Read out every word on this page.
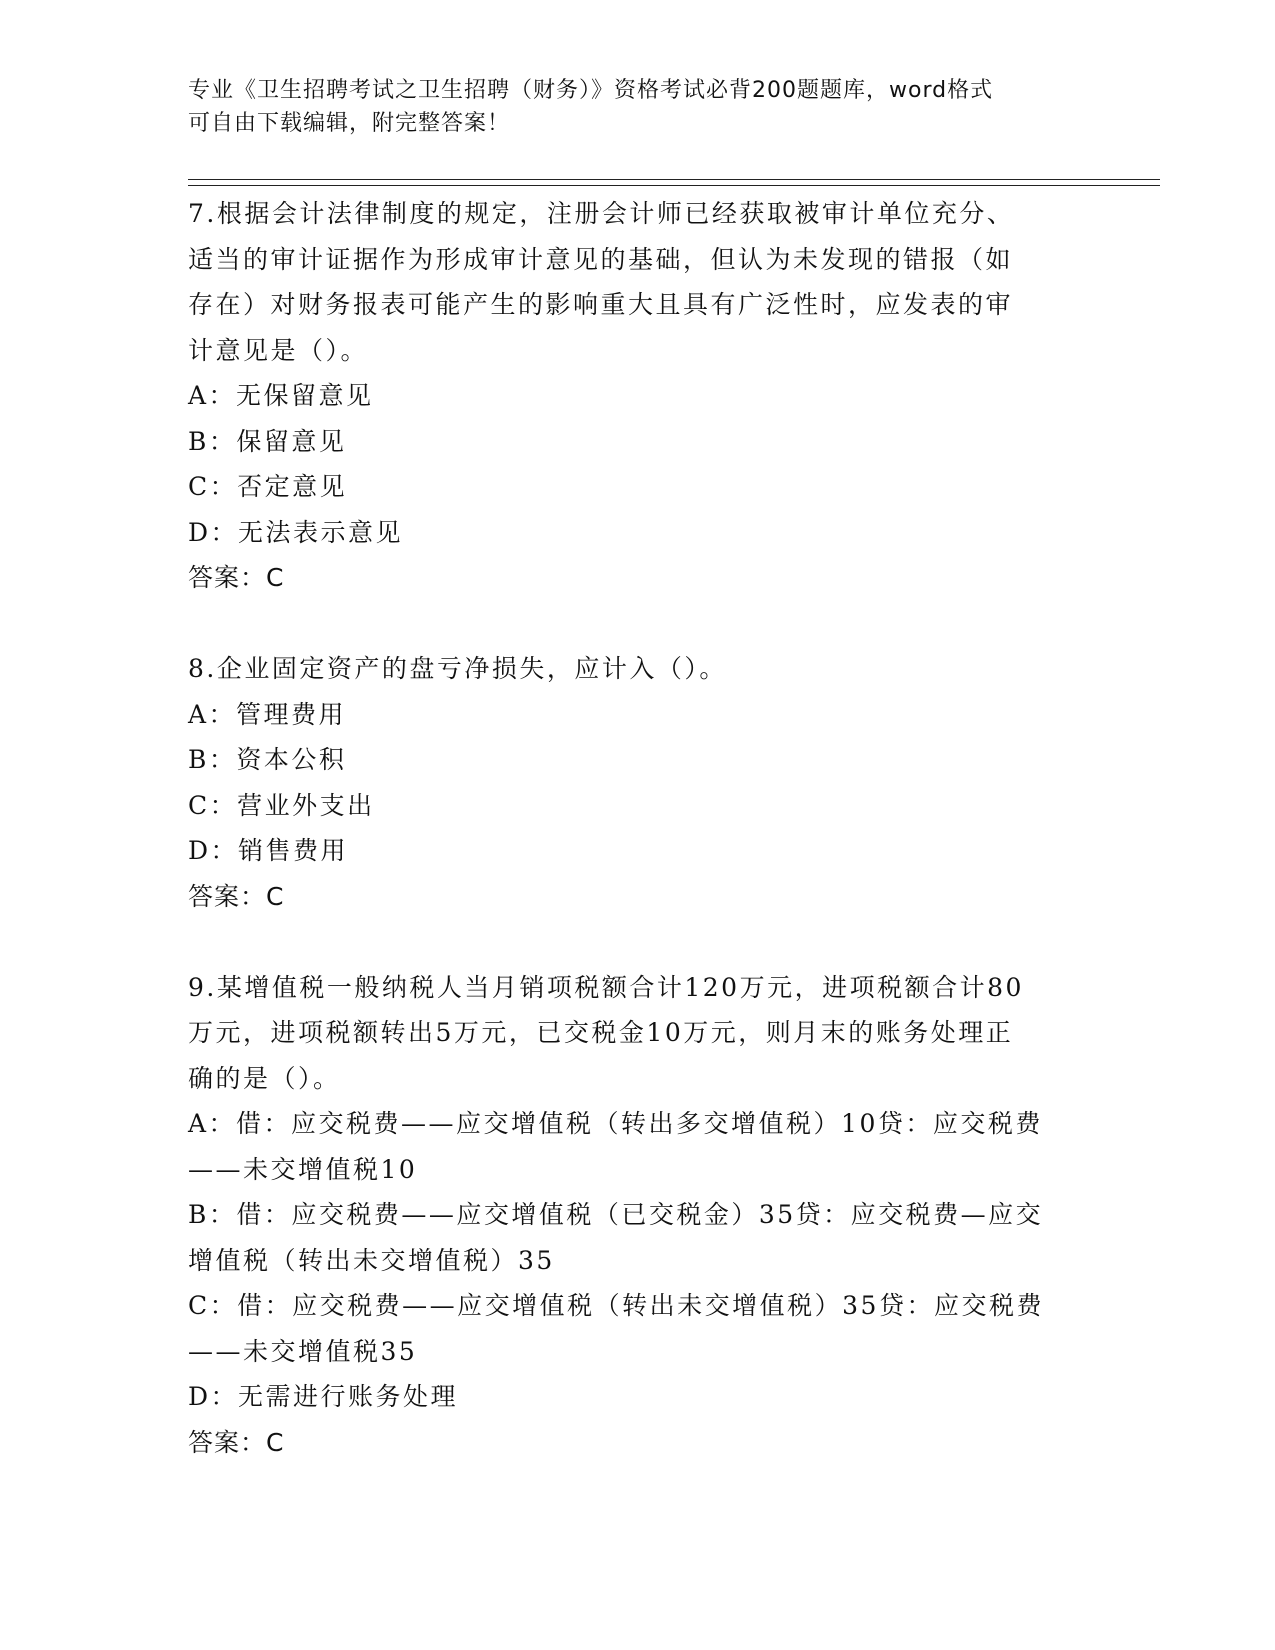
专业《卫生招聘考试之卫生招聘（财务）》资格考试必背200题题库，word格式
可自由下载编辑，附完整答案！

7.根据会计法律制度的规定，注册会计师已经获取被审计单位充分、

适当的审计证据作为形成审计意见的基础，但认为未发现的错报（如

存在）对财务报表可能产生的影响重大且具有广泛性时，应发表的审

计意见是（）。

A：无保留意见

B：保留意见

C：否定意见

D：无法表示意见

答案：C

8.企业固定资产的盘亏净损失，应计入（）。

A：管理费用

B：资本公积

C：营业外支出

D：销售费用

答案：C

9.某增值税一般纳税人当月销项税额合计120万元，进项税额合计80

万元，进项税额转出5万元，已交税金10万元，则月末的账务处理正

确的是（）。

A：借：应交税费——应交增值税（转出多交增值税）10贷：应交税费

——未交增值税10

B：借：应交税费——应交增值税（已交税金）35贷：应交税费—应交

增值税（转出未交增值税）35

C：借：应交税费——应交增值税（转出未交增值税）35贷：应交税费

——未交增值税35

D：无需进行账务处理

答案：C
